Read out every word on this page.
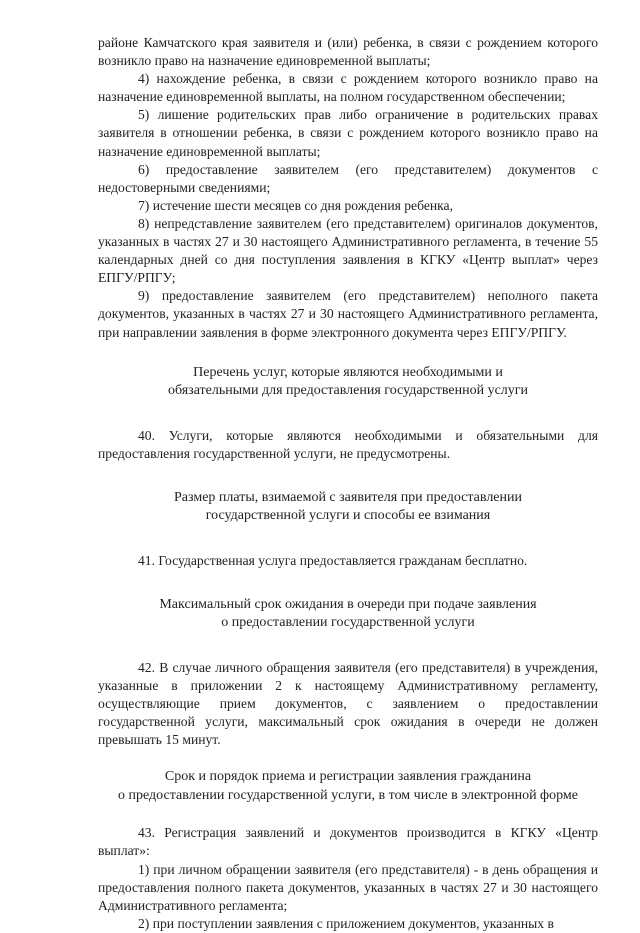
районе Камчатского края заявителя и (или) ребенка, в связи с рождением которого возникло право на назначение единовременной выплаты;

4) нахождение ребенка, в связи с рождением которого возникло право на назначение единовременной выплаты, на полном государственном обеспечении;

5) лишение родительских прав либо ограничение в родительских правах заявителя в отношении ребенка, в связи с рождением которого возникло право на назначение единовременной выплаты;

6) предоставление заявителем (его представителем) документов с недостоверными сведениями;

7) истечение шести месяцев со дня рождения ребенка,

8) непредставление заявителем (его представителем) оригиналов документов, указанных в частях 27 и 30 настоящего Административного регламента, в течение 55 календарных дней со дня поступления заявления в КГКУ «Центр выплат» через ЕПГУ/РПГУ;

9) предоставление заявителем (его представителем) неполного пакета документов, указанных в частях 27 и 30 настоящего Административного регламента, при направлении заявления в форме электронного документа через ЕПГУ/РПГУ.

Перечень услуг, которые являются необходимыми и

обязательными для предоставления государственной услуги

40. Услуги, которые являются необходимыми и обязательными для предоставления государственной услуги, не предусмотрены.

Размер платы, взимаемой с заявителя при предоставлении

государственной услуги и способы ее взимания

41. Государственная услуга предоставляется гражданам бесплатно.

Максимальный срок ожидания в очереди при подаче заявления

о предоставлении государственной услуги

42. В случае личного обращения заявителя (его представителя) в учреждения, указанные в приложении 2 к настоящему Административному регламенту, осуществляющие прием документов, с заявлением о предоставлении государственной услуги, максимальный срок ожидания в очереди не должен превышать 15 минут.

Срок и порядок приема и регистрации заявления гражданина

о предоставлении государственной услуги, в том числе в электронной форме

43. Регистрация заявлений и документов производится в КГКУ «Центр выплат»:

1) при личном обращении заявителя (его представителя) - в день обращения и предоставления полного пакета документов, указанных в частях 27 и 30 настоящего Административного регламента;

2) при поступлении заявления с приложением документов, указанных в
